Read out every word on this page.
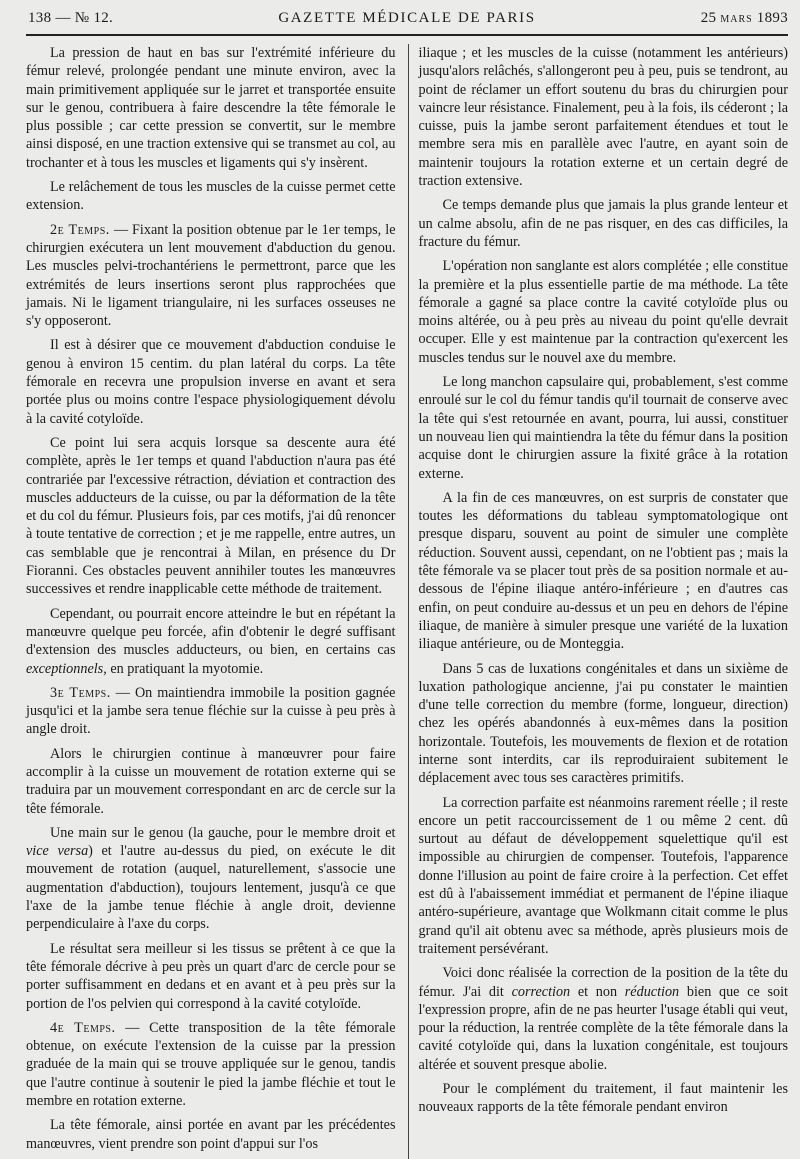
138 — № 12.	GAZETTE MÉDICALE DE PARIS	25 MARS 1893

La pression de haut en bas sur l'extrémité inférieure du fémur relevé, prolongée pendant une minute environ, avec la main primitivement appliquée sur le jarret et transportée ensuite sur le genou, contribuera à faire descendre la tête fémorale le plus possible ; car cette pression se convertit, sur le membre ainsi disposé, en une traction extensive qui se transmet au col, au trochanter et à tous les muscles et ligaments qui s'y insèrent.

Le relâchement de tous les muscles de la cuisse permet cette extension.

2e Temps. — Fixant la position obtenue par le 1er temps, le chirurgien exécutera un lent mouvement d'abduction du genou. Les muscles pelvi-trochantériens le permettront, parce que les extrémités de leurs insertions seront plus rapprochées que jamais. Ni le ligament triangulaire, ni les surfaces osseuses ne s'y opposeront.

Il est à désirer que ce mouvement d'abduction conduise le genou à environ 15 centim. du plan latéral du corps. La tête fémorale en recevra une propulsion inverse en avant et sera portée plus ou moins contre l'espace physiologiquement dévolu à la cavité cotyloïde.

Ce point lui sera acquis lorsque sa descente aura été complète, après le 1er temps et quand l'abduction n'aura pas été contrariée par l'excessive rétraction, déviation et contraction des muscles adducteurs de la cuisse, ou par la déformation de la tête et du col du fémur. Plusieurs fois, par ces motifs, j'ai dû renoncer à toute tentative de correction ; et je me rappelle, entre autres, un cas semblable que je rencontrai à Milan, en présence du Dr Fioranni. Ces obstacles peuvent annihiler toutes les manœuvres successives et rendre inapplicable cette méthode de traitement.

Cependant, ou pourrait encore atteindre le but en répétant la manœuvre quelque peu forcée, afin d'obtenir le degré suffisant d'extension des muscles adducteurs, ou bien, en certains cas exceptionnels, en pratiquant la myotomie.

3e Temps. — On maintiendra immobile la position gagnée jusqu'ici et la jambe sera tenue fléchie sur la cuisse à peu près à angle droit.

Alors le chirurgien continue à manœuvrer pour faire accomplir à la cuisse un mouvement de rotation externe qui se traduira par un mouvement correspondant en arc de cercle sur la tête fémorale.

Une main sur le genou (la gauche, pour le membre droit et vice versa) et l'autre au-dessus du pied, on exécute le dit mouvement de rotation (auquel, naturellement, s'associe une augmentation d'abduction), toujours lentement, jusqu'à ce que l'axe de la jambe tenue fléchie à angle droit, devienne perpendiculaire à l'axe du corps.

Le résultat sera meilleur si les tissus se prêtent à ce que la tête fémorale décrive à peu près un quart d'arc de cercle pour se porter suffisamment en dedans et en avant et à peu près sur la portion de l'os pelvien qui correspond à la cavité cotyloïde.

4e Temps. — Cette transposition de la tête fémorale obtenue, on exécute l'extension de la cuisse par la pression graduée de la main qui se trouve appliquée sur le genou, tandis que l'autre continue à soutenir le pied la jambe fléchie et tout le membre en rotation externe.

La tête fémorale, ainsi portée en avant par les précédentes manœuvres, vient prendre son point d'appui sur l'os

iliaque ; et les muscles de la cuisse (notamment les antérieurs) jusqu'alors relâchés, s'allongeront peu à peu, puis se tendront, au point de réclamer un effort soutenu du bras du chirurgien pour vaincre leur résistance. Finalement, peu à la fois, ils céderont ; la cuisse, puis la jambe seront parfaitement étendues et tout le membre sera mis en parallèle avec l'autre, en ayant soin de maintenir toujours la rotation externe et un certain degré de traction extensive.

Ce temps demande plus que jamais la plus grande lenteur et un calme absolu, afin de ne pas risquer, en des cas difficiles, la fracture du fémur.

L'opération non sanglante est alors complétée ; elle constitue la première et la plus essentielle partie de ma méthode. La tête fémorale a gagné sa place contre la cavité cotyloïde plus ou moins altérée, ou à peu près au niveau du point qu'elle devrait occuper. Elle y est maintenue par la contraction qu'exercent les muscles tendus sur le nouvel axe du membre.

Le long manchon capsulaire qui, probablement, s'est comme enroulé sur le col du fémur tandis qu'il tournait de conserve avec la tête qui s'est retournée en avant, pourra, lui aussi, constituer un nouveau lien qui maintiendra la tête du fémur dans la position acquise dont le chirurgien assure la fixité grâce à la rotation externe.

A la fin de ces manœuvres, on est surpris de constater que toutes les déformations du tableau symptomatologique ont presque disparu, souvent au point de simuler une complète réduction. Souvent aussi, cependant, on ne l'obtient pas ; mais la tête fémorale va se placer tout près de sa position normale et au-dessous de l'épine iliaque antéro-inférieure ; en d'autres cas enfin, on peut conduire au-dessus et un peu en dehors de l'épine iliaque, de manière à simuler presque une variété de la luxation iliaque antérieure, ou de Monteggia.

Dans 5 cas de luxations congénitales et dans un sixième de luxation pathologique ancienne, j'ai pu constater le maintien d'une telle correction du membre (forme, longueur, direction) chez les opérés abandonnés à eux-mêmes dans la position horizontale. Toutefois, les mouvements de flexion et de rotation interne sont interdits, car ils reproduiraient subitement le déplacement avec tous ses caractères primitifs.

La correction parfaite est néanmoins rarement réelle ; il reste encore un petit raccourcissement de 1 ou même 2 cent. dû surtout au défaut de développement squelettique qu'il est impossible au chirurgien de compenser. Toutefois, l'apparence donne l'illusion au point de faire croire à la perfection. Cet effet est dû à l'abaissement immédiat et permanent de l'épine iliaque antéro-supérieure, avantage que Wolkmann citait comme le plus grand qu'il ait obtenu avec sa méthode, après plusieurs mois de traitement persévérant.

Voici donc réalisée la correction de la position de la tête du fémur. J'ai dit correction et non réduction bien que ce soit l'expression propre, afin de ne pas heurter l'usage établi qui veut, pour la réduction, la rentrée complète de la tête fémorale dans la cavité cotyloïde qui, dans la luxation congénitale, est toujours altérée et souvent presque abolie.

Pour le complément du traitement, il faut maintenir les nouveaux rapports de la tête fémorale pendant environ
